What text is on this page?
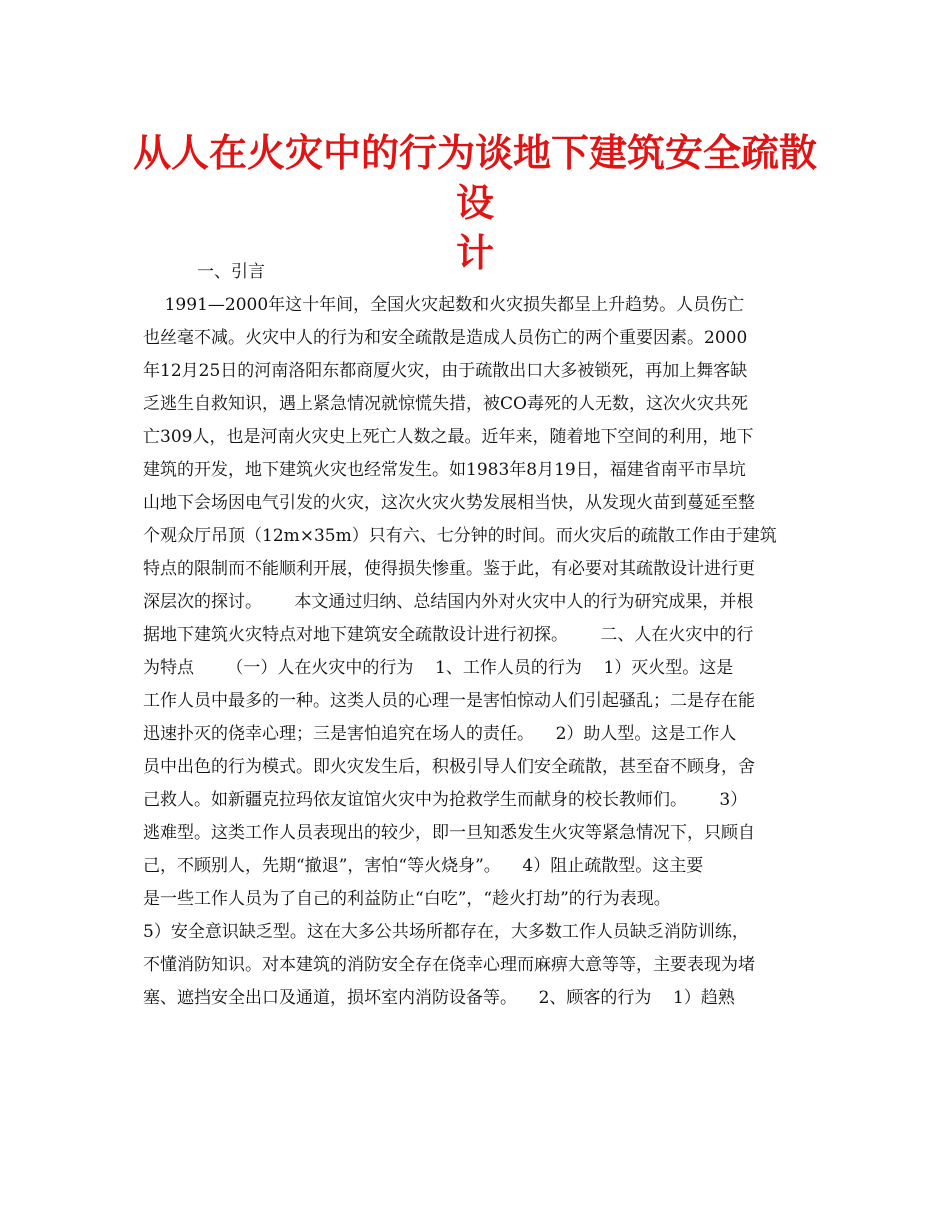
从人在火灾中的行为谈地下建筑安全疏散设
计
一、引言
1991—2000年这十年间，全国火灾起数和火灾损失都呈上升趋势。人员伤亡
也丝毫不减。火灾中人的行为和安全疏散是造成人员伤亡的两个重要因素。2000
年12月25日的河南洛阳东都商厦火灾，由于疏散出口大多被锁死，再加上舞客缺
乏逃生自救知识，遇上紧急情况就惊慌失措，被CO毒死的人无数，这次火灾共死
亡309人，也是河南火灾史上死亡人数之最。近年来，随着地下空间的利用，地下
建筑的开发，地下建筑火灾也经常发生。如1983年8月19日，福建省南平市旱坑
山地下会场因电气引发的火灾，这次火灾火势发展相当快，从发现火苗到蔓延至整
个观众厅吊顶（12m×35m）只有六、七分钟的时间。而火灾后的疏散工作由于建筑
特点的限制而不能顺利开展，使得损失惨重。鉴于此，有必要对其疏散设计进行更
深层次的探讨。      本文通过归纳、总结国内外对火灾中人的行为研究成果，并根
据地下建筑火灾特点对地下建筑安全疏散设计进行初探。      二、人在火灾中的行
为特点      （一）人在火灾中的行为    1、工作人员的行为    1）灭火型。这是
工作人员中最多的一种。这类人员的心理一是害怕惊动人们引起骚乱；二是存在能
迅速扑灭的侥幸心理；三是害怕追究在场人的责任。    2）助人型。这是工作人
员中出色的行为模式。即火灾发生后，积极引导人们安全疏散，甚至奋不顾身，舍
己救人。如新疆克拉玛依友谊馆火灾中为抢救学生而献身的校长教师们。      3）
逃难型。这类工作人员表现出的较少，即一旦知悉发生火灾等紧急情况下，只顾自
己，不顾别人，先期“撤退”，害怕“等火烧身”。    4）阻止疏散型。这主要
是一些工作人员为了自己的利益防止“白吃”，“趁火打劫”的行为表现。
5）安全意识缺乏型。这在大多公共场所都存在，大多数工作人员缺乏消防训练，
不懂消防知识。对本建筑的消防安全存在侥幸心理而麻痹大意等等，主要表现为堵
塞、遮挡安全出口及通道，损坏室内消防设备等。    2、顾客的行为    1）趋熟
